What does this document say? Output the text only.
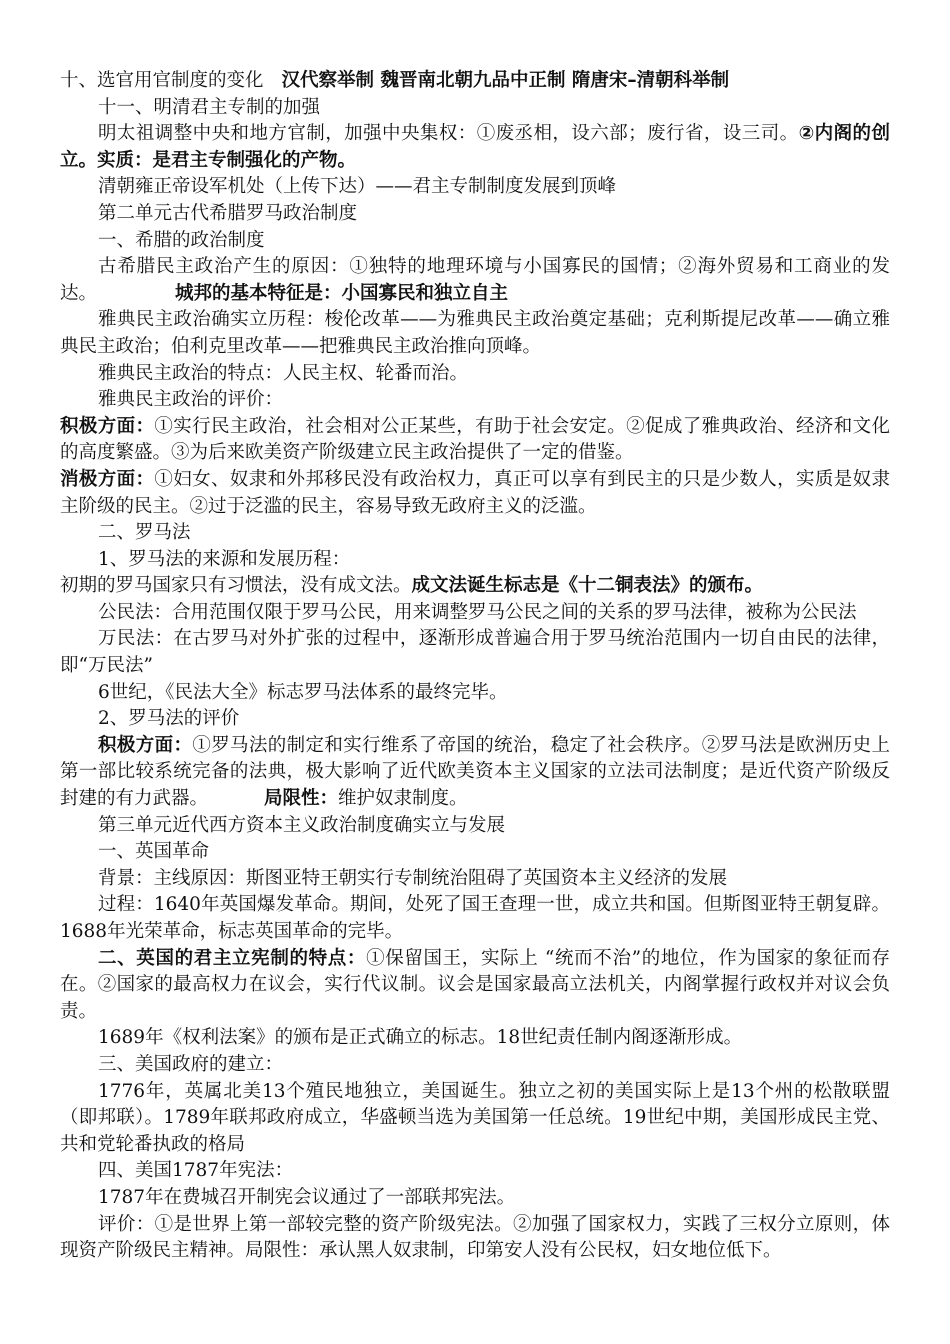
十、选官用官制度的变化 汉代察举制 魏晋南北朝九品中正制 隋唐宋–清朝科举制

十一、明清君主专制的加强

明太祖调整中央和地方官制，加强中央集权：①废丞相，设六部；废行省，设三司。②内阁的创立。实质：是君主专制强化的产物。

清朝雍正帝设军机处（上传下达）——君主专制制度发展到顶峰

第二单元古代希腊罗马政治制度

一、希腊的政治制度

古希腊民主政治产生的原因：①独特的地理环境与小国寡民的国情；②海外贸易和工商业的发达。	城邦的基本特征是：小国寡民和独立自主

雅典民主政治确实立历程：梭伦改革——为雅典民主政治奠定基础；克利斯提尼改革——确立雅典民主政治；伯利克里改革——把雅典民主政治推向顶峰。

雅典民主政治的特点：人民主权、轮番而治。

雅典民主政治的评价：

积极方面：①实行民主政治，社会相对公正某些，有助于社会安定。②促成了雅典政治、经济和文化的高度繁盛。③为后来欧美资产阶级建立民主政治提供了一定的借鉴。

消极方面：①妇女、奴隶和外邦移民没有政治权力，真正可以享有到民主的只是少数人，实质是奴隶主阶级的民主。②过于泛滥的民主，容易导致无政府主义的泛滥。

二、罗马法

1、罗马法的来源和发展历程：

初期的罗马国家只有习惯法，没有成文法。成文法诞生标志是《十二铜表法》的颁布。

公民法：合用范围仅限于罗马公民，用来调整罗马公民之间的关系的罗马法律，被称为公民法

万民法：在古罗马对外扩张的过程中，逐渐形成普遍合用于罗马统治范围内一切自由民的法律，即“万民法”

6世纪，《民法大全》标志罗马法体系的最终完毕。

2、罗马法的评价

积极方面：①罗马法的制定和实行维系了帝国的统治，稳定了社会秩序。②罗马法是欧洲历史上第一部比较系统完备的法典，极大影响了近代欧美资本主义国家的立法司法制度；是近代资产阶级反封建的有力武器。	局限性：维护奴隶制度。

第三单元近代西方资本主义政治制度确实立与发展

一、英国革命

背景：主线原因：斯图亚特王朝实行专制统治阻碍了英国资本主义经济的发展

过程：1640年英国爆发革命。期间，处死了国王查理一世，成立共和国。但斯图亚特王朝复辟。1688年光荣革命，标志英国革命的完毕。

二、英国的君主立宪制的特点：①保留国王，实际上 “统而不治”的地位，作为国家的象征而存在。②国家的最高权力在议会，实行代议制。议会是国家最高立法机关，内阁掌握行政权并对议会负责。

1689年《权利法案》的颁布是正式确立的标志。18世纪责任制内阁逐渐形成。

三、美国政府的建立：

1776年，英属北美13个殖民地独立，美国诞生。独立之初的美国实际上是13个州的松散联盟（即邦联）。1789年联邦政府成立，华盛顿当选为美国第一任总统。19世纪中期，美国形成民主党、共和党轮番执政的格局

四、美国1787年宪法：

1787年在费城召开制宪会议通过了一部联邦宪法。

评价：①是世界上第一部较完整的资产阶级宪法。②加强了国家权力，实践了三权分立原则，体现资产阶级民主精神。局限性：承认黑人奴隶制，印第安人没有公民权，妇女地位低下。
